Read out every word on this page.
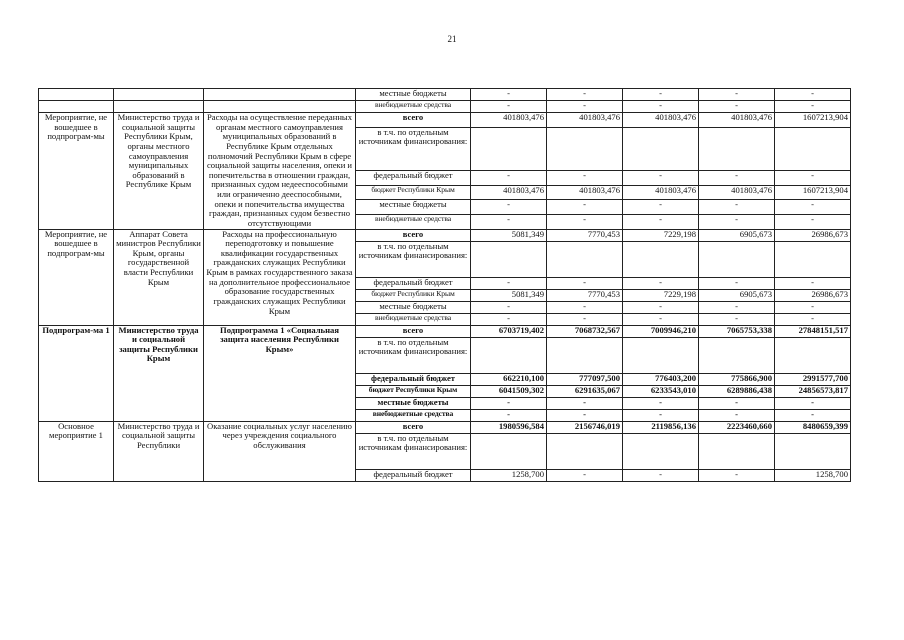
21
			местные бюджеты	-	-	-	-	-
			внебюджетные средства	-	-	-	-	-
Мероприятие, не вошедшее в подпрограм-мы	Министерство труда и социальной защиты Республики Крым, органы местного самоуправления муниципальных образований в Республике Крым	Расходы на осуществление переданных органам местного самоуправления муниципальных образований в Республике Крым отдельных полномочий Республики Крым в сфере социальной защиты населения, опеки и попечительства в отношении граждан, признанных судом недееспособными или ограниченно дееспособными, опеки и попечительства имущества граждан, признанных судом безвестно отсутствующими	всего	401803,476	401803,476	401803,476	401803,476	1607213,904
			в т.ч. по отдельным источникам финансирования:					
			федеральный бюджет	-	-	-	-	-
			бюджет Республики Крым	401803,476	401803,476	401803,476	401803,476	1607213,904
			местные бюджеты	-	-	-	-	-
			внебюджетные средства	-	-	-	-	-
Мероприятие, не вошедшее в подпрограм-мы	Аппарат Совета министров Республики Крым, органы государственной власти Республики Крым	Расходы на профессиональную переподготовку и повышение квалификации государственных гражданских служащих Республики Крым в рамках государственного заказа на дополнительное профессиональное образование государственных гражданских служащих Республики Крым	всего	5081,349	7770,453	7229,198	6905,673	26986,673
			в т.ч. по отдельным источникам финансирования:					
			федеральный бюджет	-	-	-	-	-
			бюджет Республики Крым	5081,349	7770,453	7229,198	6905,673	26986,673
			местные бюджеты	-	-	-	-	-
			внебюджетные средства	-	-	-	-	-
Подпрограм-ма 1	Министерство труда и социальной защиты Республики Крым	Подпрограмма 1 «Социальная защита населения Республики Крым»	всего	6703719,402	7068732,567	7009946,210	7065753,338	27848151,517
			в т.ч. по отдельным источникам финансирования:					
			федеральный бюджет	662210,100	777097,500	776403,200	775866,900	2991577,700
			бюджет Республики Крым	6041509,302	6291635,067	6233543,010	6289886,438	24856573,817
			местные бюджеты	-	-	-	-	-
			внебюджетные средства	-	-	-	-	-
Основное мероприятие 1	Министерство труда и социальной защиты Республики	Оказание социальных услуг населению через учреждения социального обслуживания	всего	1980596,584	2156746,019	2119856,136	2223460,660	8480659,399
			в т.ч. по отдельным источникам финансирования:					
			федеральный бюджет	1258,700	-	-	-	1258,700
